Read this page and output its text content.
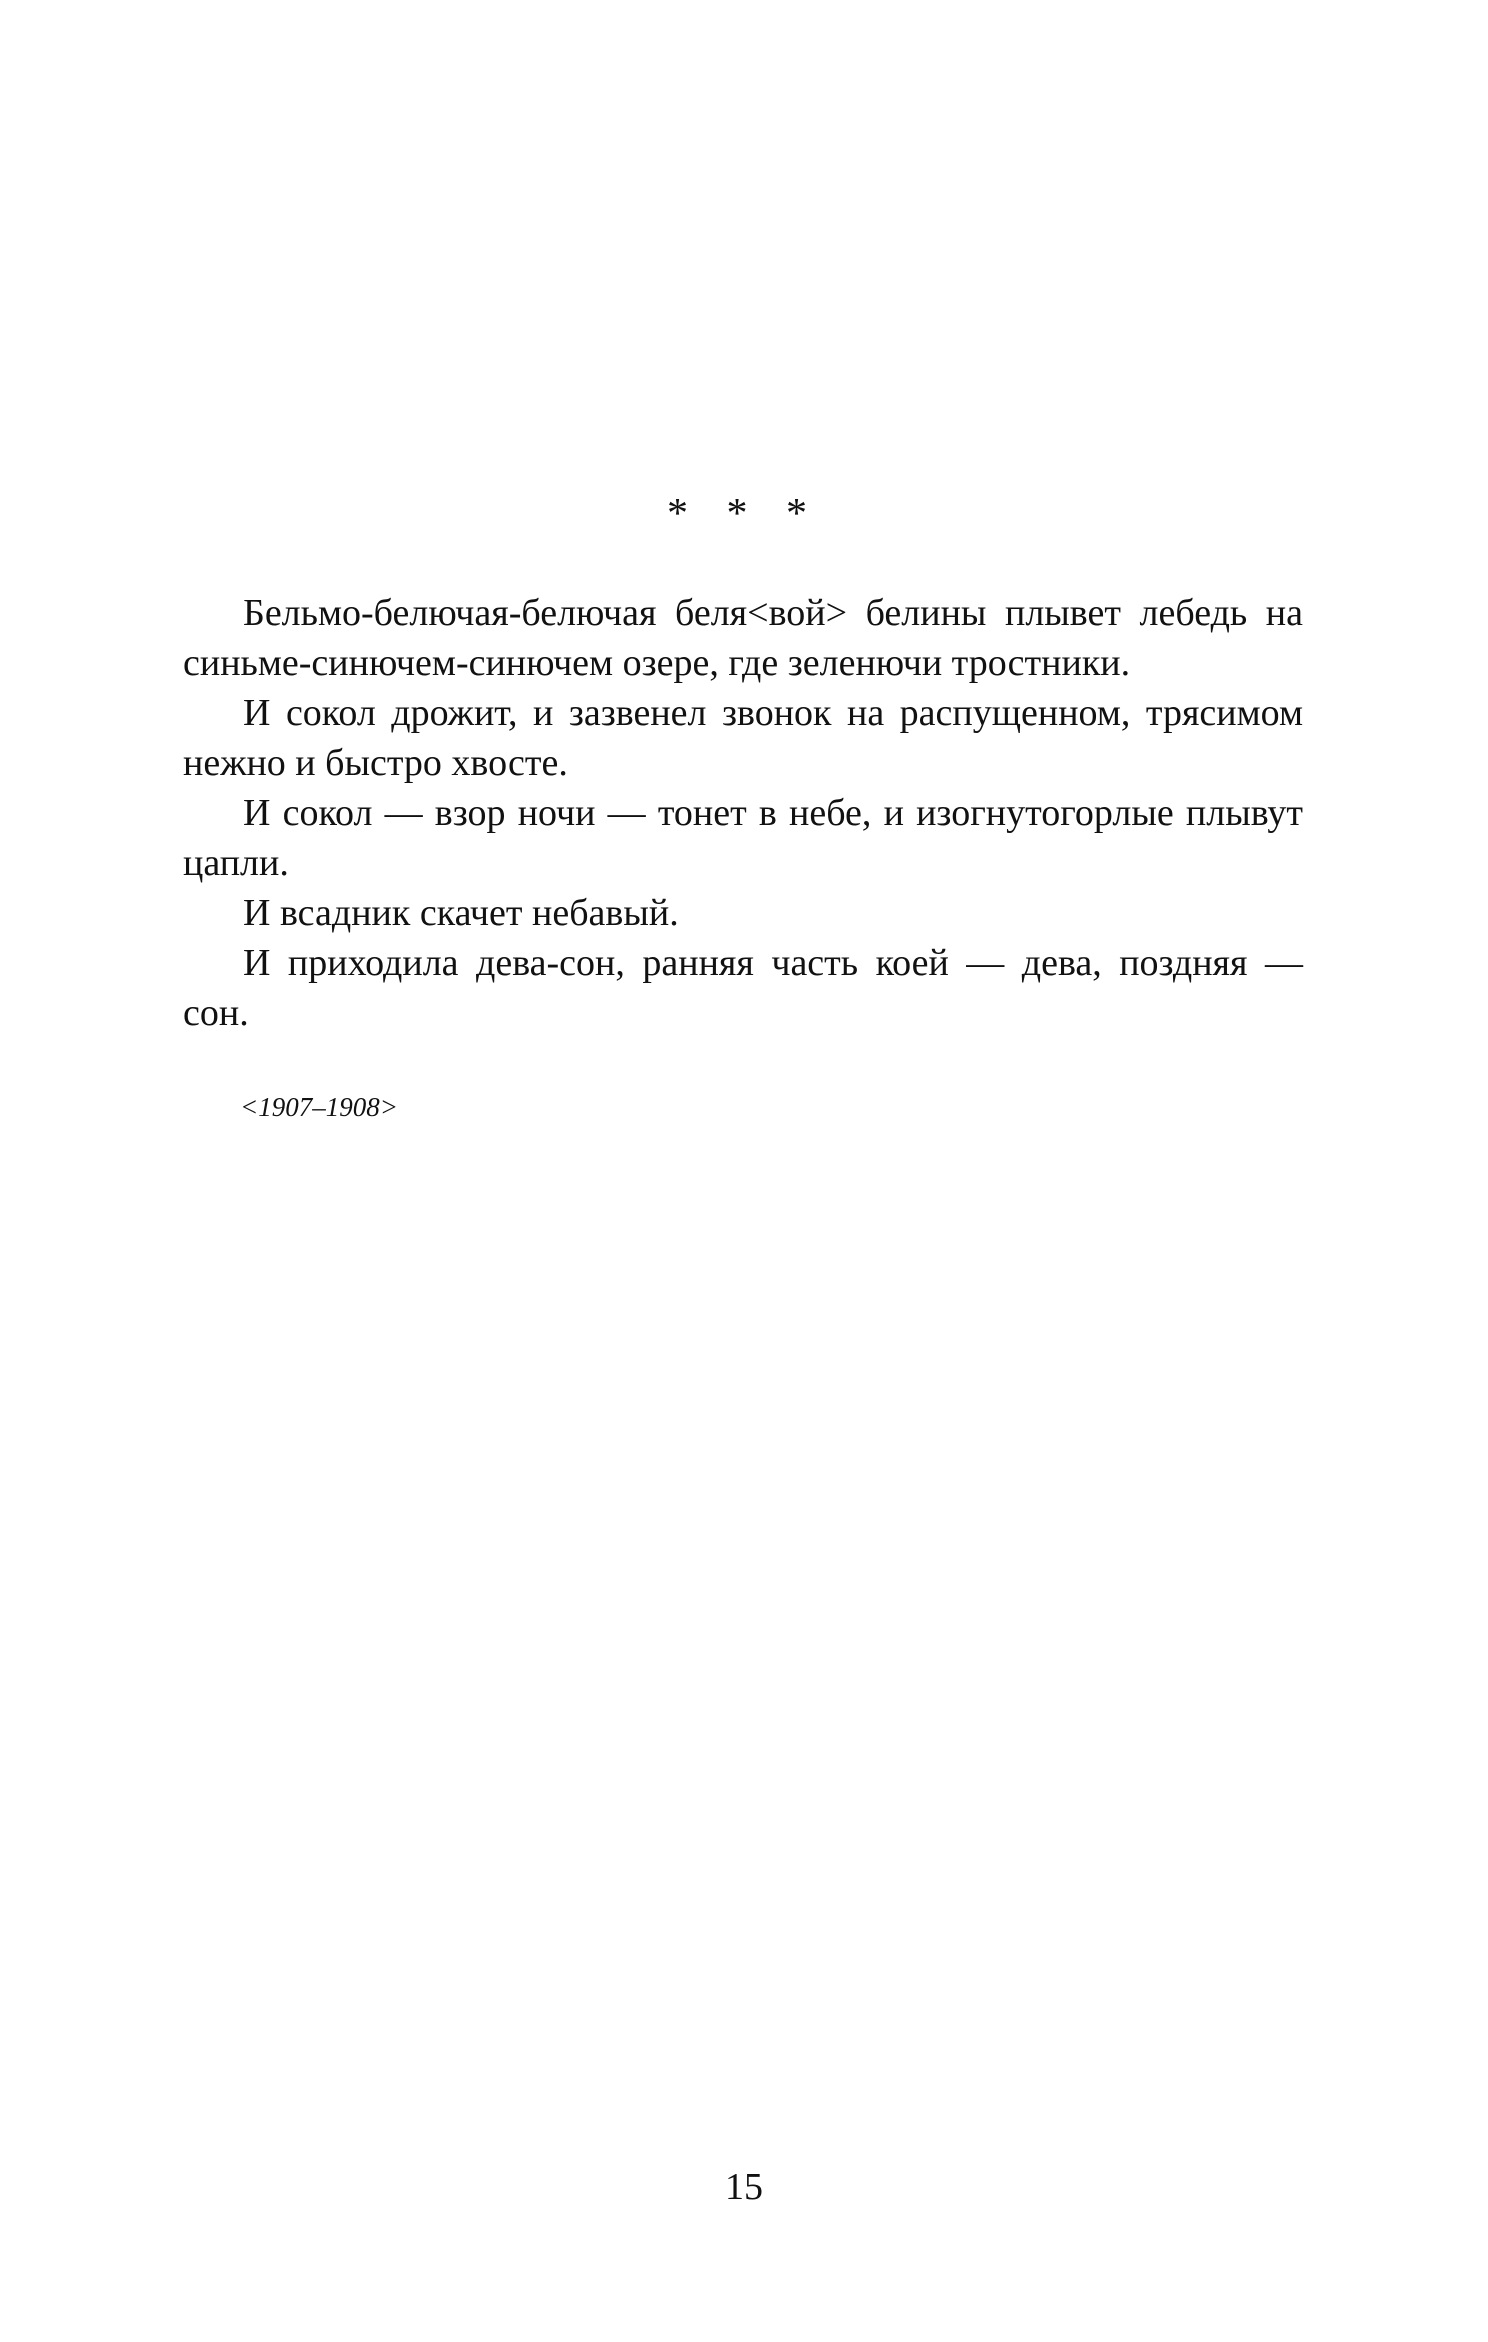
* * *

Бельмо-белючая-белючая беля<вой> белины плывет лебедь на синьме-синючем-синючем озере, где зеленючи тростники.

И сокол дрожит, и зазвенел звонок на распущенном, трясимом нежно и быстро хвосте.

И сокол — взор ночи — тонет в небе, и изогнутогорлые плывут цапли.

И всадник скачет небавый.

И приходила дева-сон, ранняя часть коей — дева, поздняя — сон.

<1907–1908>
15
